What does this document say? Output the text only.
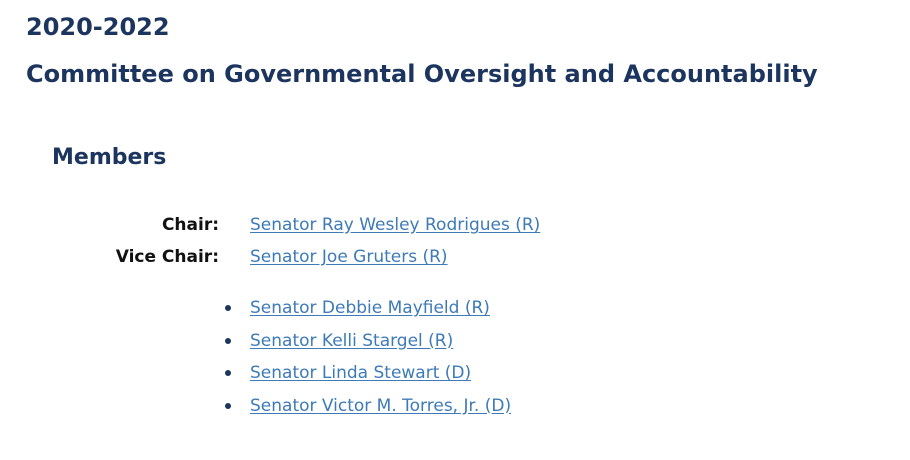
2020-2022
Committee on Governmental Oversight and Accountability
Members
Chair: Senator Ray Wesley Rodrigues (R)
Vice Chair: Senator Joe Gruters (R)
Senator Debbie Mayfield (R)
Senator Kelli Stargel (R)
Senator Linda Stewart (D)
Senator Victor M. Torres, Jr. (D)
